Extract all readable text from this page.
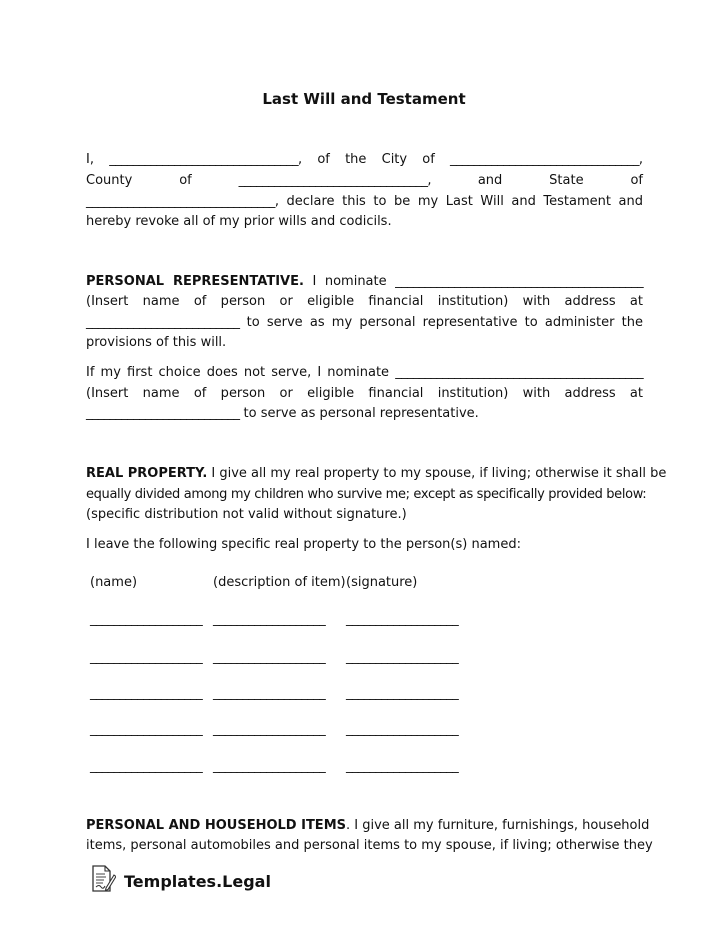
Last Will and Testament
I, ________________________________, of the City of ________________________________,
County	of	________________________________,	and	State	of
________________________________, declare this to be my Last Will and Testament and
hereby revoke all of my prior wills and codicils.
PERSONAL REPRESENTATIVE. I nominate __________________________________________
(Insert name of person or eligible financial institution) with address at
__________________________ to serve as my personal representative to administer the
provisions of this will.
If my first choice does not serve, I nominate __________________________________________
(Insert name of person or eligible financial institution) with address at
__________________________ to serve as personal representative.
REAL PROPERTY. I give all my real property to my spouse, if living; otherwise it shall be
equally divided among my children who survive me; except as specifically provided below:
(specific distribution not valid without signature.)
I leave the following specific real property to the person(s) named:
(name)	(description of item) (signature)
___________________ ___________________ ___________________
___________________ ___________________ ___________________
___________________ ___________________ ___________________
___________________ ___________________ ___________________
___________________ ___________________ ___________________
PERSONAL AND HOUSEHOLD ITEMS. I give all my furniture, furnishings, household
items, personal automobiles and personal items to my spouse, if living; otherwise they
Templates.Legal
